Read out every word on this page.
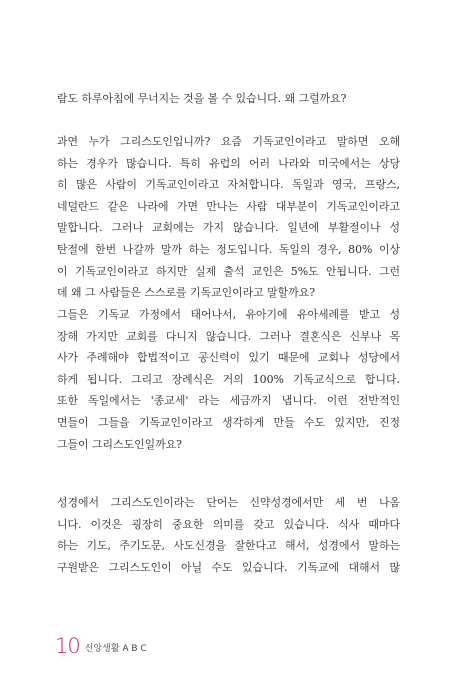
람도 하루아침에 무너지는 것을 볼 수 있습니다. 왜 그럴까요?
과연 누가 그리스도인입니까? 요즘 기독교인이라고 말하면 오해
하는 경우가 많습니다. 특히 유럽의 어러 나라와 미국에서는 상당
히 많은 사람이 기독교인이라고 자처합니다. 독일과 영국, 프랑스,
네덜란드 같은 나라에 가면 만나는 사람 대부분이 기독교인이라고
말합니다. 그러나 교회에는 가지 않습니다. 일년에 부활절이나 성
탄절에 한번 나갈까 말까 하는 정도입니다. 독일의 경우, 80% 이상
이 기독교인이라고 하지만 실제 출석 교인은 5%도 안됩니다. 그런
데 왜 그 사람들은 스스로를 기독교인이라고 말할까요?
그들은 기독교 가정에서 태어나서, 유아기에 유아세례를 받고 성
장해 가지만 교회를 다니지 않습니다. 그러나 결혼식은 신부나 목
사가 주례해야 합법적이고 공신력이 있기 때문에 교회나 성당에서
하게 됩니다. 그리고 장례식은 거의 100% 기독교식으로 합니다.
또한 독일에서는 '종교세' 라는 세금까지 냅니다. 이런 전반적인
면들이 그들을 기독교인이라고 생각하게 만들 수도 있지만, 진정
그들이 그리스도인일까요?
성경에서 그리스도인이라는 단어는 신약성경에서만 세 번 나옴
니다. 이것은 굉장히 중요한 의미를 갖고 있습니다. 식사 때마다
하는 기도, 주기도문, 사도신경을 잘한다고 해서, 성경에서 말하는
구원받은 그리스도인이 아닐 수도 있습니다. 기독교에 대해서 많
10 신앙생활 A B C
